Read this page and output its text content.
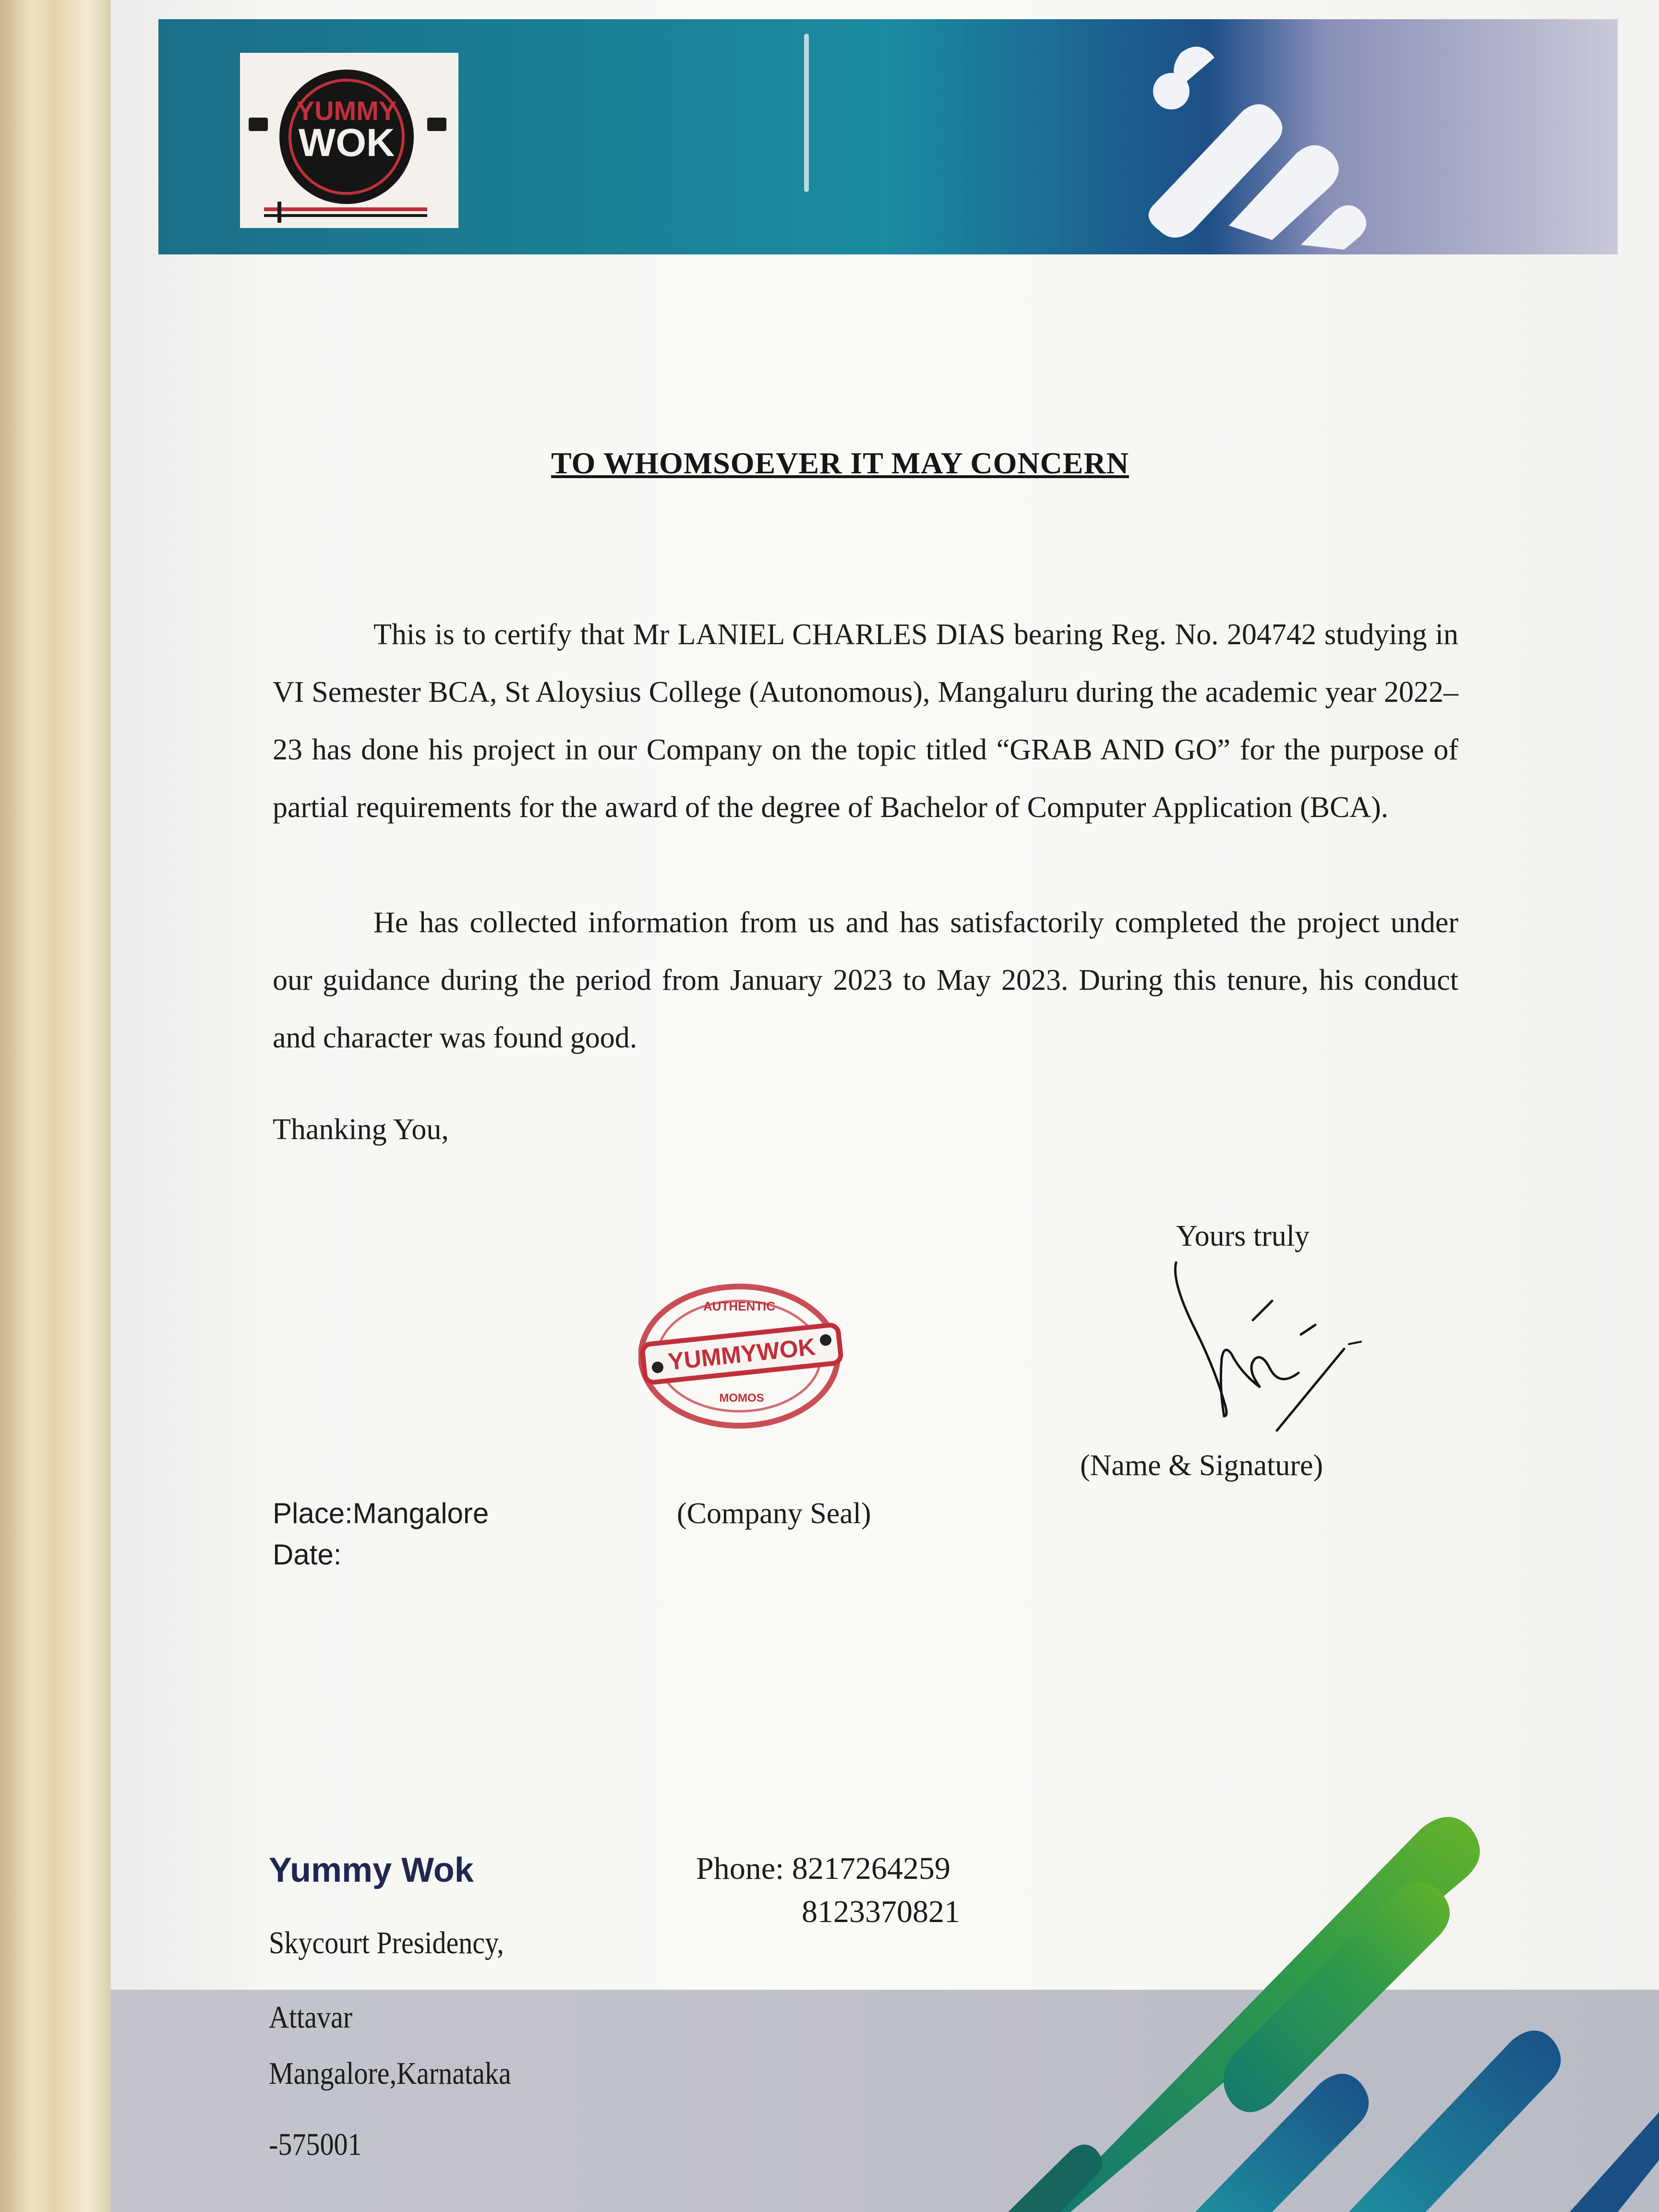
YUMMY
WOK
TO WHOMSOEVER IT MAY CONCERN

This is to certify that Mr LANIEL CHARLES DIAS bearing Reg. No. 204742 studying in VI Semester BCA, St Aloysius College (Autonomous), Mangaluru during the academic year 2022– 23 has done his project in our Company on the topic titled “GRAB AND GO” for the purpose of partial requirements for the award of the degree of Bachelor of Computer Application (BCA).

He has collected information from us and has satisfactorily completed the project under our guidance during the period from January 2023 to May 2023. During this tenure, his conduct and character was found good.

Thanking You,
Yours truly
AUTHENTIC
YUMMYWOK
MOMOS
(Name & Signature)
Place:Mangalore
Date:
(Company Seal)
Yummy Wok
Skycourt Presidency,
Attavar
Mangalore,Karnataka
-575001
Phone: 8217264259
8123370821
